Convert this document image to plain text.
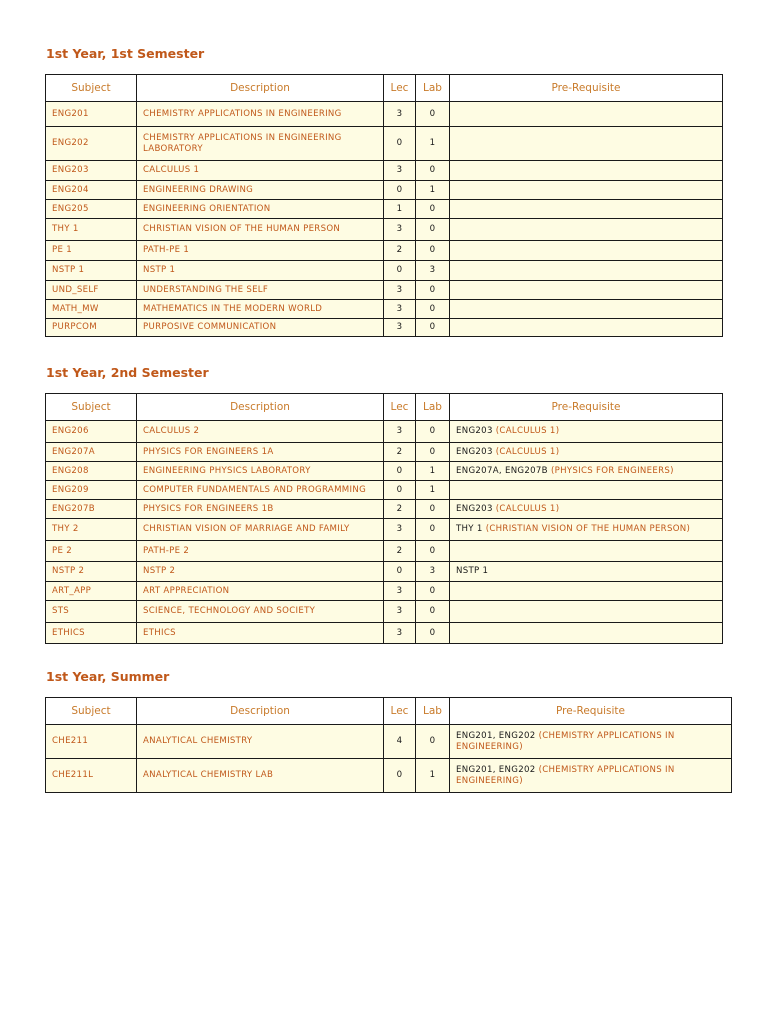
1st Year, 1st Semester
Subject	Description	Lec	Lab	Pre-Requisite
ENG201	CHEMISTRY APPLICATIONS IN ENGINEERING	3	0	
ENG202	CHEMISTRY APPLICATIONS IN ENGINEERING LABORATORY	0	1	
ENG203	CALCULUS 1	3	0	
ENG204	ENGINEERING DRAWING	0	1	
ENG205	ENGINEERING ORIENTATION	1	0	
THY 1	CHRISTIAN VISION OF THE HUMAN PERSON	3	0	
PE 1	PATH-PE 1	2	0	
NSTP 1	NSTP 1	0	3	
UND_SELF	UNDERSTANDING THE SELF	3	0	
MATH_MW	MATHEMATICS IN THE MODERN WORLD	3	0	
PURPCOM	PURPOSIVE COMMUNICATION	3	0	
1st Year, 2nd Semester
Subject	Description	Lec	Lab	Pre-Requisite
ENG206	CALCULUS 2	3	0	ENG203 (CALCULUS 1)
ENG207A	PHYSICS FOR ENGINEERS 1A	2	0	ENG203 (CALCULUS 1)
ENG208	ENGINEERING PHYSICS LABORATORY	0	1	ENG207A, ENG207B (PHYSICS FOR ENGINEERS)
ENG209	COMPUTER FUNDAMENTALS AND PROGRAMMING	0	1	
ENG207B	PHYSICS FOR ENGINEERS 1B	2	0	ENG203 (CALCULUS 1)
THY 2	CHRISTIAN VISION OF MARRIAGE AND FAMILY	3	0	THY 1 (CHRISTIAN VISION OF THE HUMAN PERSON)
PE 2	PATH-PE 2	2	0	
NSTP 2	NSTP 2	0	3	NSTP 1
ART_APP	ART APPRECIATION	3	0	
STS	SCIENCE, TECHNOLOGY AND SOCIETY	3	0	
ETHICS	ETHICS	3	0	
1st Year, Summer
Subject	Description	Lec	Lab	Pre-Requisite
CHE211	ANALYTICAL CHEMISTRY	4	0	ENG201, ENG202 (CHEMISTRY APPLICATIONS IN ENGINEERING)
CHE211L	ANALYTICAL CHEMISTRY LAB	0	1	ENG201, ENG202 (CHEMISTRY APPLICATIONS IN ENGINEERING)
